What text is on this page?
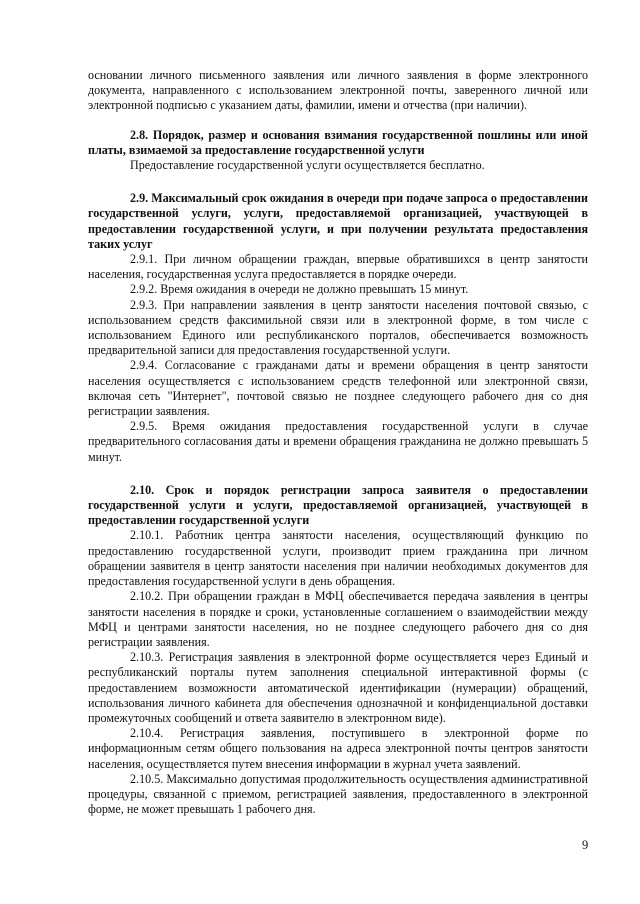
основании личного письменного заявления или личного заявления в форме электронного документа, направленного с использованием электронной почты, заверенного личной или электронной подписью с указанием даты, фамилии, имени и отчества (при наличии).

2.8. Порядок, размер и основания взимания государственной пошлины или иной платы, взимаемой за предоставление государственной услуги

Предоставление государственной услуги осуществляется бесплатно.

2.9. Максимальный срок ожидания в очереди при подаче запроса о предоставлении государственной услуги, услуги, предоставляемой организацией, участвующей в предоставлении государственной услуги, и при получении результата предоставления таких услуг

2.9.1. При личном обращении граждан, впервые обратившихся в центр занятости населения, государственная услуга предоставляется в порядке очереди.

2.9.2. Время ожидания в очереди не должно превышать 15 минут.

2.9.3. При направлении заявления в центр занятости населения почтовой связью, с использованием средств факсимильной связи или в электронной форме, в том числе с использованием Единого или республиканского порталов, обеспечивается возможность предварительной записи для предоставления государственной услуги.

2.9.4. Согласование с гражданами даты и времени обращения в центр занятости населения осуществляется с использованием средств телефонной или электронной связи, включая сеть "Интернет", почтовой связью не позднее следующего рабочего дня со дня регистрации заявления.

2.9.5. Время ожидания предоставления государственной услуги в случае предварительного согласования даты и времени обращения гражданина не должно превышать 5 минут.

2.10. Срок и порядок регистрации запроса заявителя о предоставлении государственной услуги и услуги, предоставляемой организацией, участвующей в предоставлении государственной услуги

2.10.1. Работник центра занятости населения, осуществляющий функцию по предоставлению государственной услуги, производит прием гражданина при личном обращении заявителя в центр занятости населения при наличии необходимых документов для предоставления государственной услуги в день обращения.

2.10.2. При обращении граждан в МФЦ обеспечивается передача заявления в центры занятости населения в порядке и сроки, установленные соглашением о взаимодействии между МФЦ и центрами занятости населения, но не позднее следующего рабочего дня со дня регистрации заявления.

2.10.3. Регистрация заявления в электронной форме осуществляется через Единый и республиканский порталы путем заполнения специальной интерактивной формы (с предоставлением возможности автоматической идентификации (нумерации) обращений, использования личного кабинета для обеспечения однозначной и конфиденциальной доставки промежуточных сообщений и ответа заявителю в электронном виде).

2.10.4. Регистрация заявления, поступившего в электронной форме по информационным сетям общего пользования на адреса электронной почты центров занятости населения, осуществляется путем внесения информации в журнал учета заявлений.

2.10.5. Максимально допустимая продолжительность осуществления административной процедуры, связанной с приемом, регистрацией заявления, предоставленного в электронной форме, не может превышать 1 рабочего дня.

9
